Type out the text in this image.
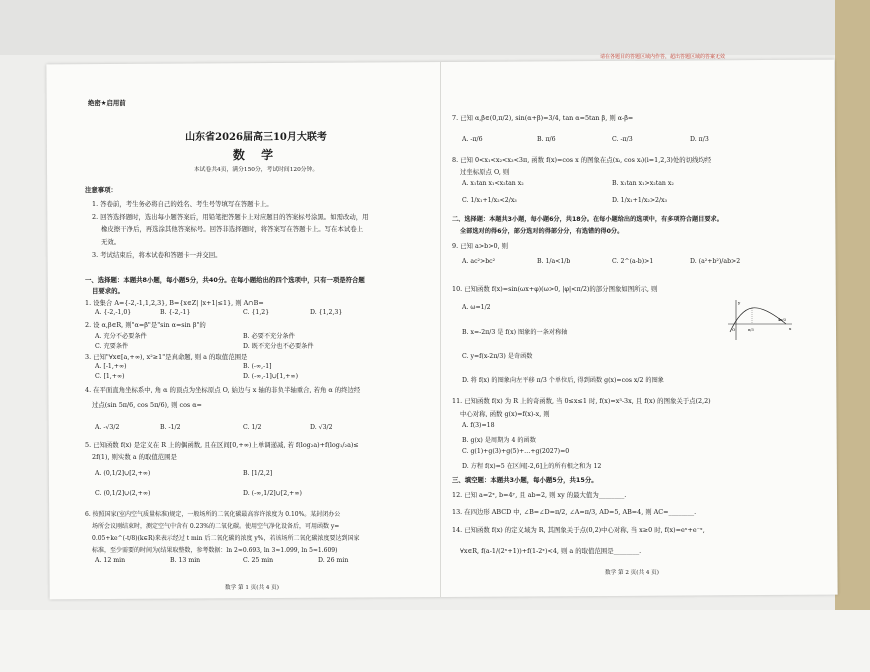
请在各题目的答题区域内作答，超出答题区域的答案无效
绝密★启用前
山东省2026届高三10月大联考
数 学
本试卷共4页，满分150分，考试时间120分钟。
注意事项：
1. 答卷前，考生务必将自己的姓名、考生号等填写在答题卡上。
2. 回答选择题时，选出每小题答案后，用铅笔把答题卡上对应题目的答案标号涂黑。如需改动，用
橡皮擦干净后，再选涂其他答案标号。回答非选择题时，将答案写在答题卡上。写在本试卷上
无效。
3. 考试结束后，将本试卷和答题卡一并交回。
一、选择题：本题共8小题，每小题5分，共40分。在每小题给出的四个选项中，只有一项是符合题
目要求的。
1. 设集合 A={-2,-1,1,2,3}, B={x∈Z| |x+1|≤1}, 则 A∩B=
A. {-2,-1,0}	B. {-2,-1}	C. {1,2}	D. {1,2,3}
2. 设 α,β∈R, 则"α=β"是"sin α=sin β"的
A. 充分不必要条件	B. 必要不充分条件
C. 充要条件	D. 既不充分也不必要条件
3. 已知"∀x∈[a,+∞), x²≥1"是真命题, 则 a 的取值范围是
A. [-1,+∞)	B. (-∞,-1]
C. [1,+∞)	D. (-∞,-1]∪[1,+∞)
4. 在平面直角坐标系中, 角 α 的顶点为坐标原点 O, 始边与 x 轴的非负半轴重合, 若角 α 的终边经
过点(sin 5π/6, cos 5π/6), 则 cos α=
A. -√3/2	B. -1/2	C. 1/2	D. √3/2
5. 已知函数 f(x) 是定义在 R 上的偶函数, 且在区间[0,+∞)上单调递减, 若 f(log₂a)+f(log₁/₂a)≤
2f(1), 则实数 a 的取值范围是
A. (0,1/2]∪[2,+∞)	B. [1/2,2]
C. (0,1/2]∪(2,+∞)	D. (-∞,1/2]∪[2,+∞)
6. 按照国家(室内空气质量标准)规定，一般场所的二氧化碳最高容许浓度为 0.10%。某封闭办公
场所会议刚结束时，测定空气中含有 0.23%的二氧化碳。使用空气净化设备后，可用函数 y=
0.05+ke^(-t/8)(k∈R)来表示经过 t min 后二氧化碳的浓度 y%，若该场所二氧化碳浓度要达到国家
标准，至少需要的时间为(结果取整数，参考数据：ln 2≈0.693, ln 3≈1.099, ln 5≈1.609)
A. 12 min	B. 13 min	C. 25 min	D. 26 min
数学 第 1 页(共 4 页)
7. 已知 α,β∈(0,π/2), sin(α+β)=3/4, tan α=5tan β, 则 α-β=
A. -π/6	B. π/6	C. -π/3	D. π/3
8. 已知 0<x₁<x₂<x₃<3π, 函数 f(x)=cos x 的图象在点(xᵢ, cos xᵢ)(i=1,2,3)处的切线均经
过坐标原点 O, 则
A. x₁tan x₁<x₂tan x₂	B. x₁tan x₁>x₂tan x₂
C. 1/x₁+1/x₂<2/x₃	D. 1/x₁+1/x₂>2/x₃
二、选择题：本题共3小题，每小题6分，共18分。在每小题给出的选项中，有多项符合题目要求。
全部选对的得6分，部分选对的得部分分，有选错的得0分。
9. 已知 a>b>0, 则
A. ac²>bc²	B. 1/a<1/b	C. 2^(a-b)>1	D. (a²+b²)/ab>2
10. 已知函数 f(x)=sin(ωx+φ)(ω>0, |φ|<π/2)的部分图象如图所示, 则
A. ω=1/2
B. x=-2π/3 是 f(x) 图象的一条对称轴
C. y=f(x-2π/3) 是奇函数
D. 将 f(x) 的图象向左平移 π/3 个单位后, 得到函数 g(x)=cos x/2 的图象
O	π/3
4π/3
x
y
11. 已知函数 f(x) 为 R 上的奇函数, 当 0≤x≤1 时, f(x)=x³-3x, 且 f(x) 的图象关于点(2,2)
中心对称, 函数 g(x)=f(x)-x, 则
A. f(3)=18
B. g(x) 是周期为 4 的函数
C. g(1)+g(3)+g(5)+…+g(2027)=0
D. 方程 f(x)=5 在区间[-2,6]上的所有根之和为 12
三、填空题：本题共3小题，每小题5分，共15分。
12. 已知 a=2ˣ, b=4ʸ, 且 ab=2, 则 xy 的最大值为________.
13. 在四边形 ABCD 中, ∠B=∠D=π/2, ∠A=π/3, AD=5, AB=4, 则 AC=________.
14. 已知函数 f(x) 的定义域为 R, 其图象关于点(0,2)中心对称, 当 x≥0 时, f(x)=eˣ+e⁻ˣ,
∀x∈R, f(a-1/(2ˣ+1))+f(1-2ˣ)<4, 则 a 的取值范围是________.
数学 第 2 页(共 4 页)
